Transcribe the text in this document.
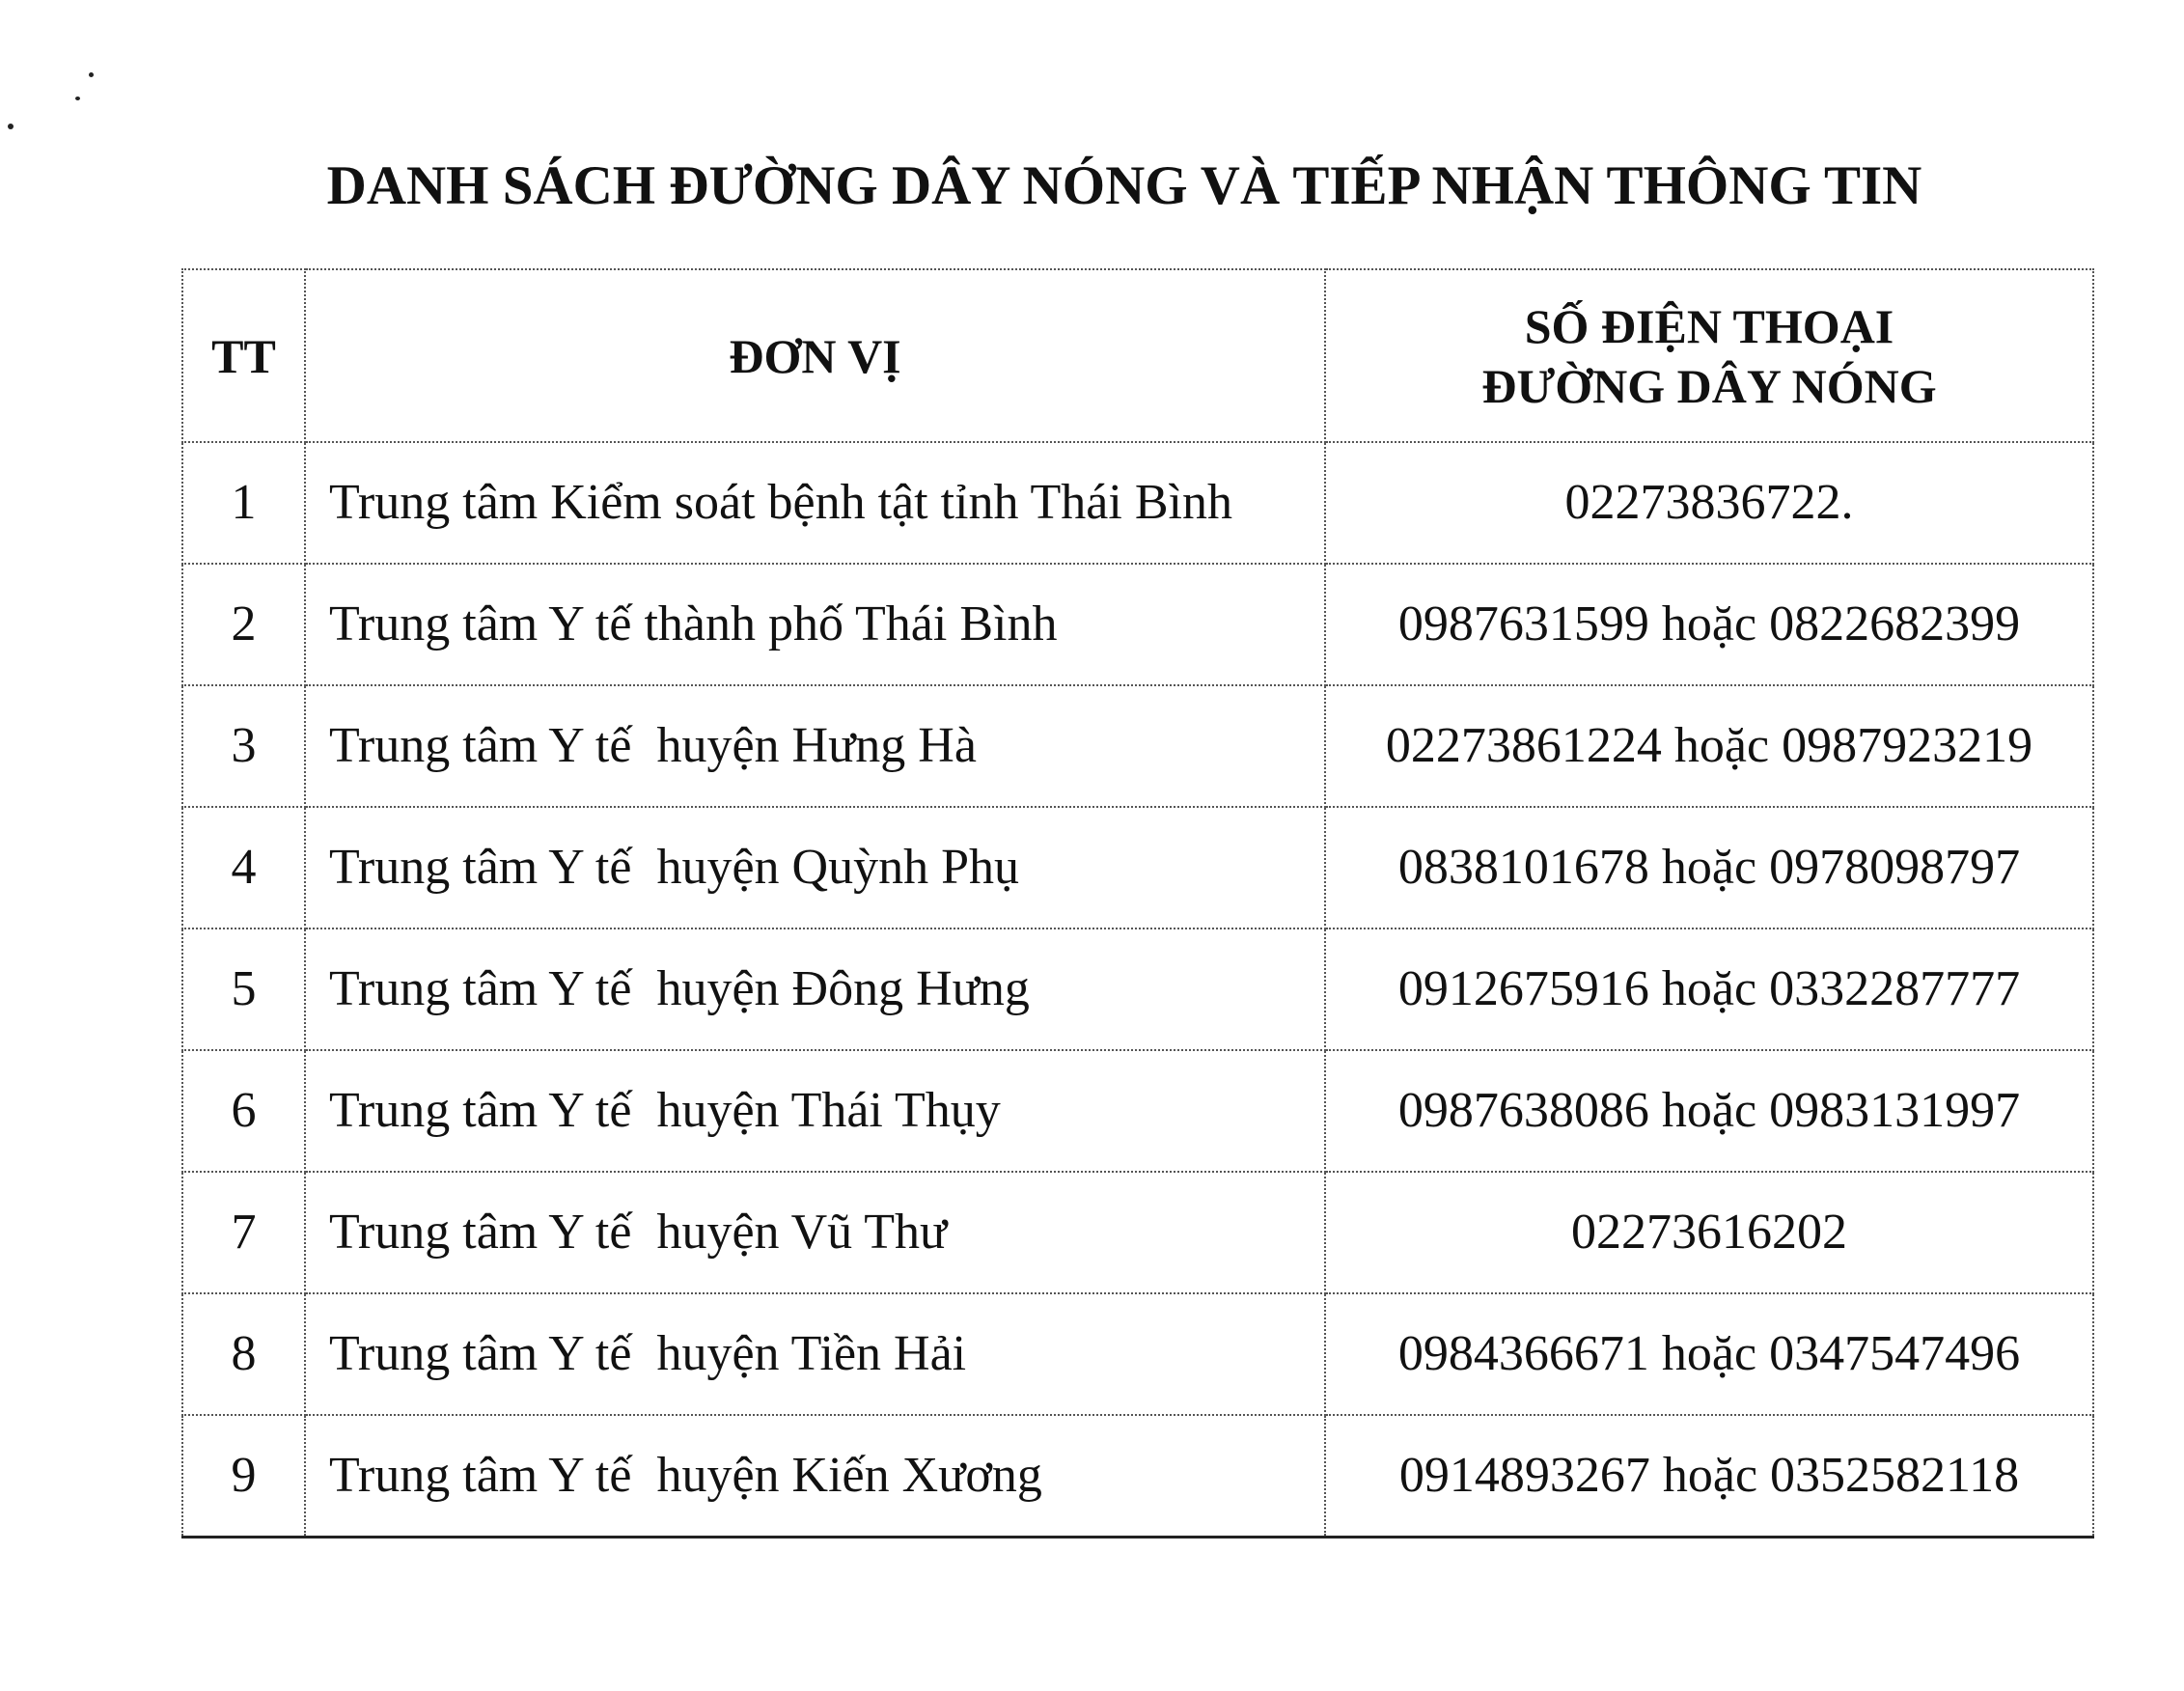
DANH SÁCH ĐƯỜNG DÂY NÓNG VÀ TIẾP NHẬN THÔNG TIN
TT	ĐƠN VỊ	SỐ ĐIỆN THOẠI
ĐƯỜNG DÂY NÓNG

1	Trung tâm Kiểm soát bệnh tật tỉnh Thái Bình	02273836722.
2	Trung tâm Y tế thành phố Thái Bình	0987631599 hoặc 0822682399
3	Trung tâm Y tế  huyện Hưng Hà	02273861224 hoặc 0987923219
4	Trung tâm Y tế  huyện Quỳnh Phụ	0838101678 hoặc 0978098797
5	Trung tâm Y tế  huyện Đông Hưng	0912675916 hoặc 0332287777
6	Trung tâm Y tế  huyện Thái Thụy	0987638086 hoặc 0983131997
7	Trung tâm Y tế  huyện Vũ Thư	02273616202
8	Trung tâm Y tế  huyện Tiền Hải	0984366671 hoặc 0347547496
9	Trung tâm Y tế  huyện Kiến Xương	0914893267 hoặc 0352582118
